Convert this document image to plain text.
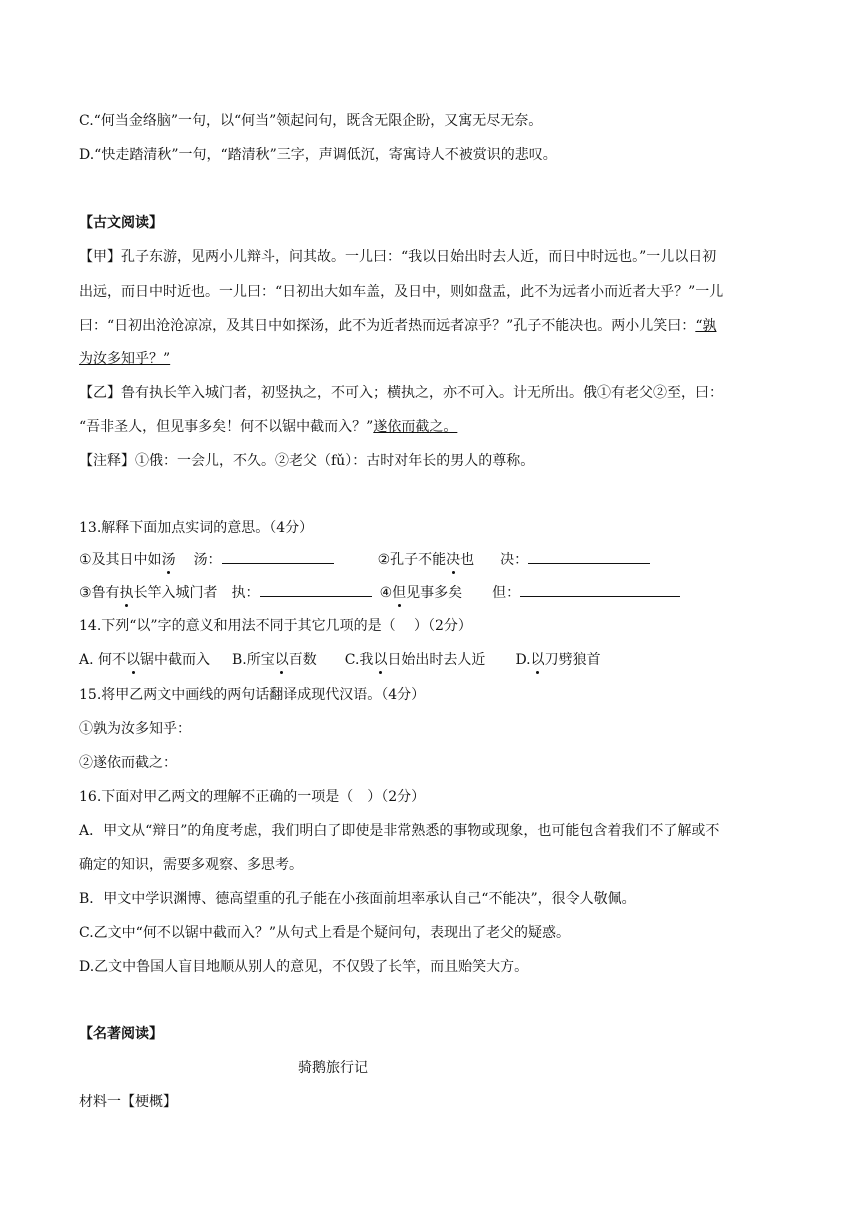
C.“何当金络脑”一句，以“何当”领起问句，既含无限企盼，又寓无尽无奈。
D.“快走踏清秋”一句，“踏清秋”三字，声调低沉，寄寓诗人不被赏识的悲叹。
【古文阅读】
【甲】孔子东游，见两小儿辩斗，问其故。一儿曰：“我以日始出时去人近，而日中时远也。”一儿以日初
出远，而日中时近也。一儿曰：“日初出大如车盖，及日中，则如盘盂，此不为远者小而近者大乎？”一儿
曰：“日初出沧沧凉凉，及其日中如探汤，此不为近者热而远者凉乎？”孔子不能决也。两小儿笑曰：“孰
为汝多知乎？”
【乙】鲁有执长竿入城门者，初竖执之，不可入；横执之，亦不可入。计无所出。俄①有老父②至，曰：
“吾非圣人，但见事多矣！何不以锯中截而入？”遂依而截之。
【注释】①俄：一会儿，不久。②老父（fǔ）：古时对年长的男人的尊称。
13.解释下面加点实词的意思。（4分）
①及其日中如汤 汤：	②孔子不能决也 决：
③鲁有执长竿入城门者 执：	④但见事多矣 但：
14.下列“以”字的意义和用法不同于其它几项的是（　 ）（2分）
A. 何不以锯中截而入 B.所宝以百数 C.我以日始出时去人近 D.以刀劈狼首
15.将甲乙两文中画线的两句话翻译成现代汉语。（4分）
①孰为汝多知乎：
②遂依而截之：
16.下面对甲乙两文的理解不正确的一项是（　）（2分）
A．甲文从“辩日”的角度考虑，我们明白了即使是非常熟悉的事物或现象，也可能包含着我们不了解或不
确定的知识，需要多观察、多思考。
B．甲文中学识渊博、德高望重的孔子能在小孩面前坦率承认自己“不能决”，很令人敬佩。
C.乙文中“何不以锯中截而入？”从句式上看是个疑问句，表现出了老父的疑惑。
D.乙文中鲁国人盲目地顺从别人的意见，不仅毁了长竿，而且贻笑大方。
【名著阅读】
骑鹅旅行记
材料一【梗概】
